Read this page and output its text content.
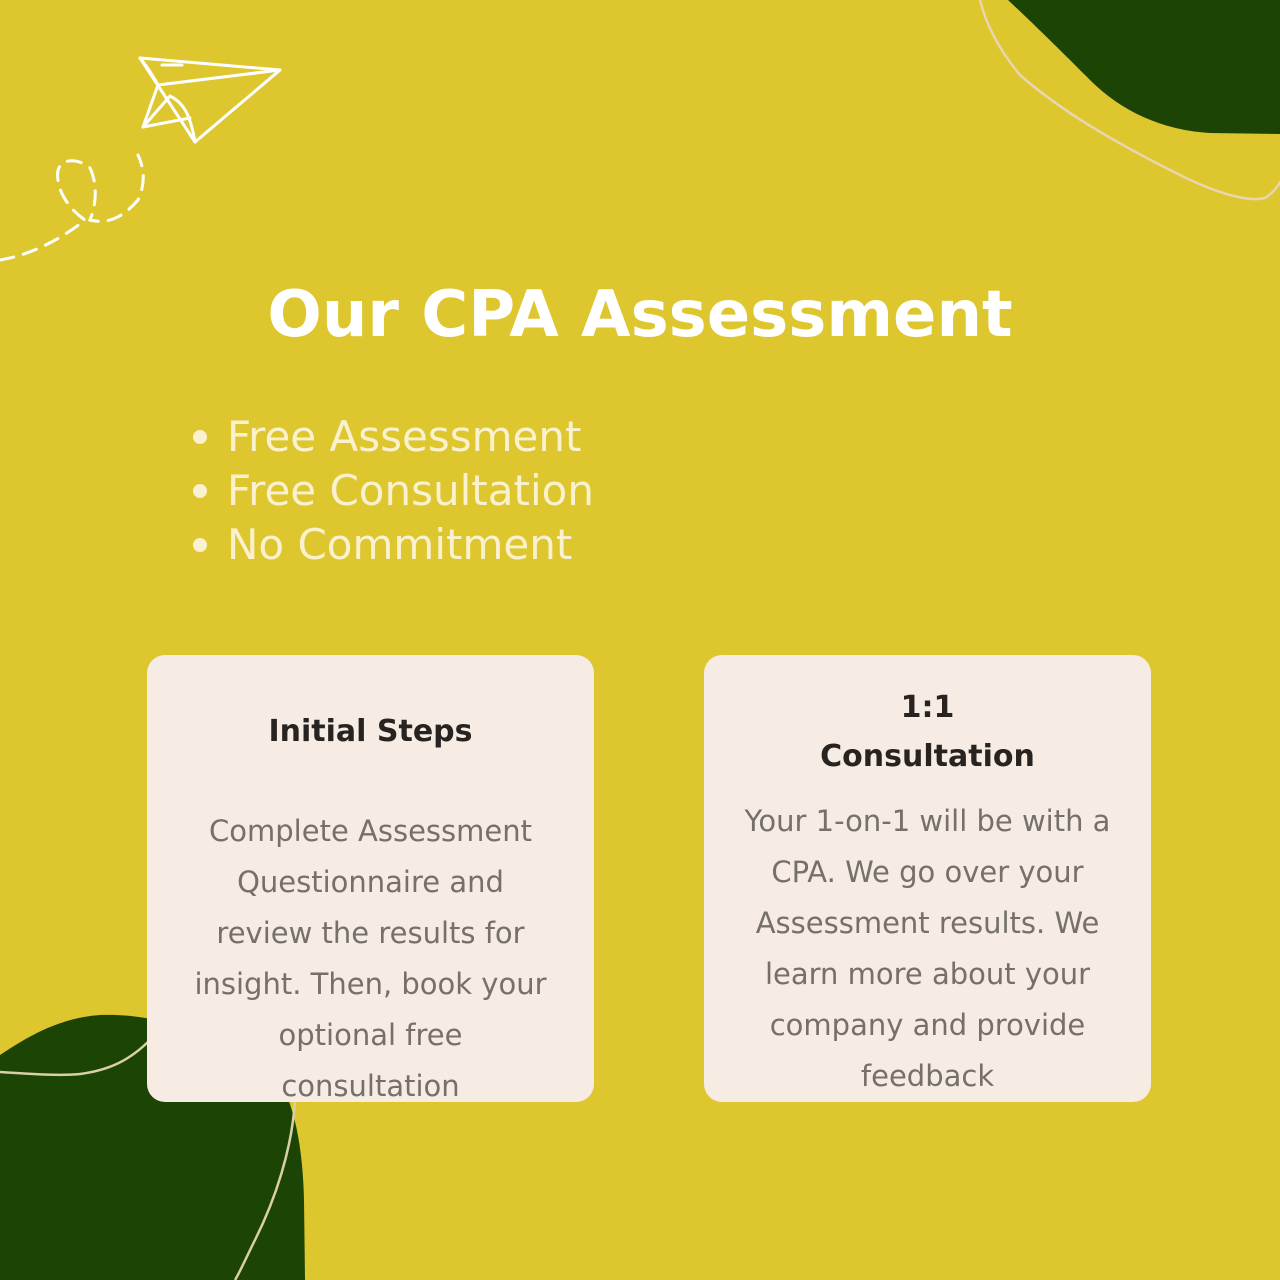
Our CPA Assessment
Free Assessment
Free Consultation
No Commitment
Initial Steps
Complete Assessment Questionnaire and review the results for insight. Then, book your optional free consultation
1:1 Consultation
Your 1-on-1 will be with a CPA. We go over your Assessment results. We learn more about your company and provide feedback
